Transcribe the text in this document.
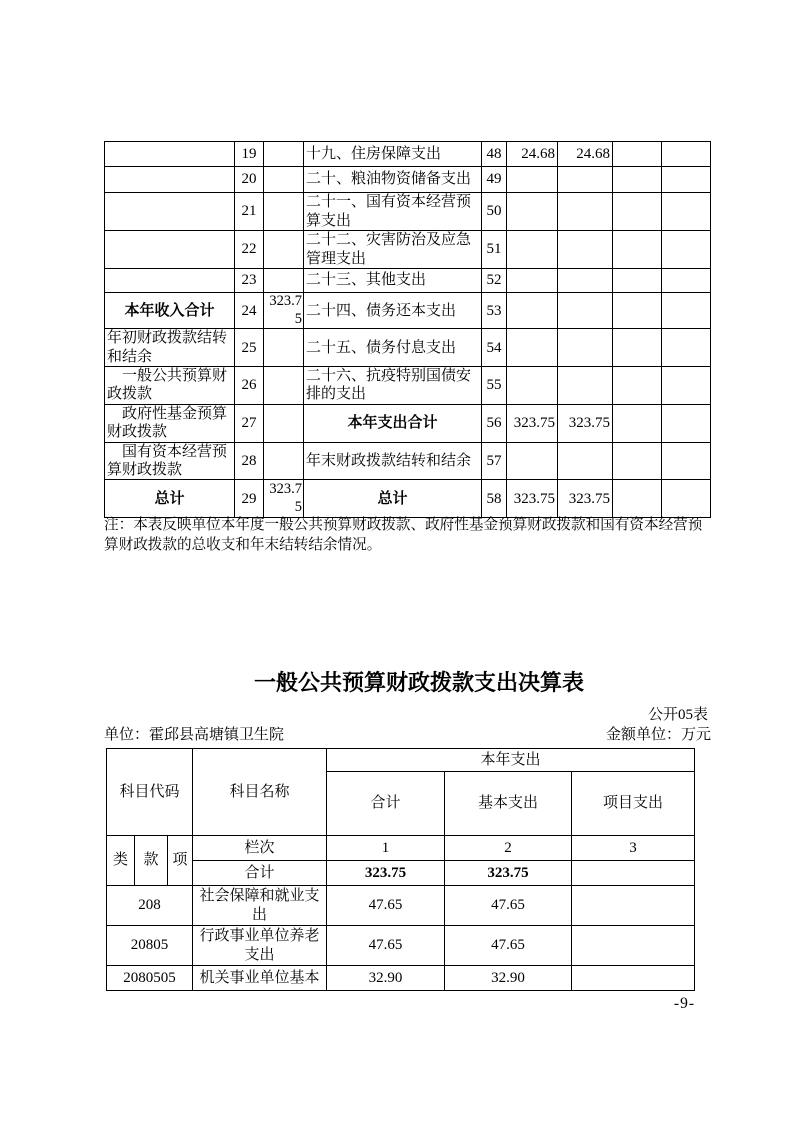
	19		十九、住房保障支出	48	24.68	24.68		
	20		二十、粮油物资储备支出	49				
	21		二十一、国有资本经营预算支出	50				
	22		二十二、灾害防治及应急管理支出	51				
	23		二十三、其他支出	52				
本年收入合计	24	323.75	二十四、债务还本支出	53				
年初财政拨款结转和结余	25		二十五、债务付息支出	54				
一般公共预算财政拨款	26		二十六、抗疫特别国债安排的支出	55				
政府性基金预算财政拨款	27		本年支出合计	56	323.75	323.75		
国有资本经营预算财政拨款	28		年末财政拨款结转和结余	57				
总计	29	323.75	总计	58	323.75	323.75		

注：本表反映单位本年度一般公共预算财政拨款、政府性基金预算财政拨款和国有资本经营预算财政拨款的总收支和年末结转结余情况。

一般公共预算财政拨款支出决算表
公开05表
单位：霍邱县高塘镇卫生院	金额单位：万元
科目代码			科目名称	本年支出		
				合计	基本支出	项目支出
类	款	项	栏次	1	2	3
			合计	323.75	323.75	
208			社会保障和就业支出	47.65	47.65	
20805			行政事业单位养老支出	47.65	47.65	
2080505			机关事业单位基本	32.90	32.90	
-9-
